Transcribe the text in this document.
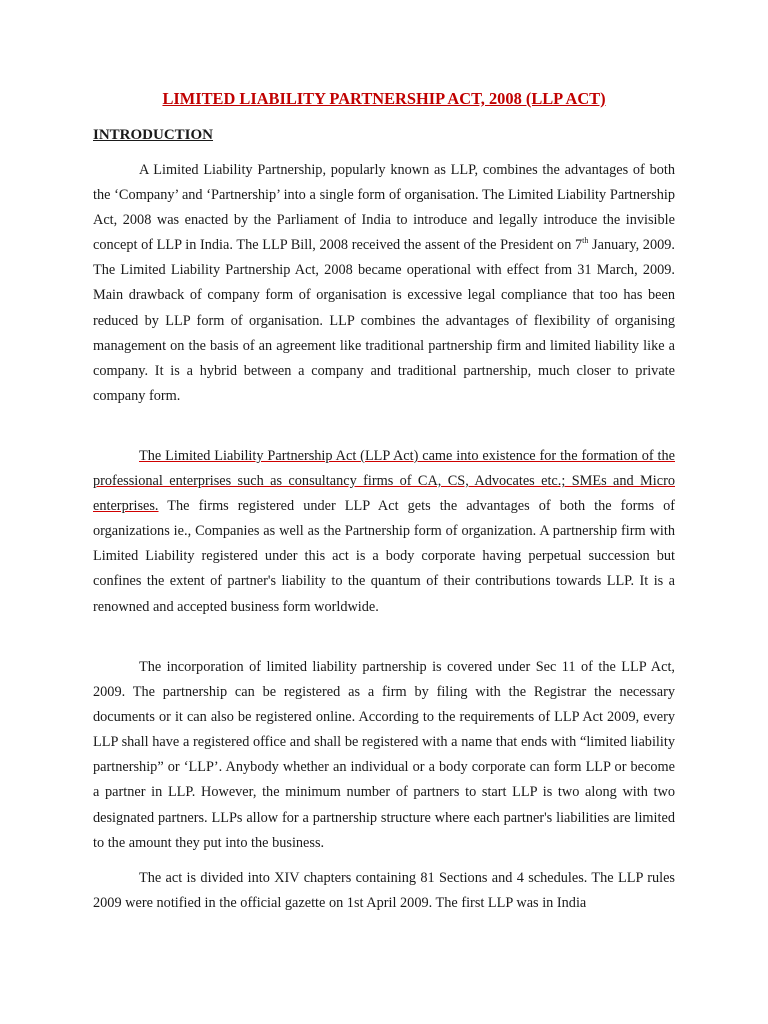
LIMITED LIABILITY PARTNERSHIP ACT, 2008 (LLP ACT)
INTRODUCTION

A Limited Liability Partnership, popularly known as LLP, combines the advantages of both the ‘Company’ and ‘Partnership’ into a single form of organisation. The Limited Liability Partnership Act, 2008 was enacted by the Parliament of India to introduce and legally introduce the invisible concept of LLP in India. The LLP Bill, 2008 received the assent of the President on 7th January, 2009. The Limited Liability Partnership Act, 2008 became operational with effect from 31 March, 2009. Main drawback of company form of organisation is excessive legal compliance that too has been reduced by LLP form of organisation. LLP combines the advantages of flexibility of organising management on the basis of an agreement like traditional partnership firm and limited liability like a company. It is a hybrid between a company and traditional partnership, much closer to private company form.

The Limited Liability Partnership Act (LLP Act) came into existence for the formation of the professional enterprises such as consultancy firms of CA, CS, Advocates etc.; SMEs and Micro enterprises. The firms registered under LLP Act gets the advantages of both the forms of organizations ie., Companies as well as the Partnership form of organization. A partnership firm with Limited Liability registered under this act is a body corporate having perpetual succession but confines the extent of partner's liability to the quantum of their contributions towards LLP. It is a renowned and accepted business form worldwide.

The incorporation of limited liability partnership is covered under Sec 11 of the LLP Act, 2009. The partnership can be registered as a firm by filing with the Registrar the necessary documents or it can also be registered online. According to the requirements of LLP Act 2009, every LLP shall have a registered office and shall be registered with a name that ends with “limited liability partnership” or ‘LLP’. Anybody whether an individual or a body corporate can form LLP or become a partner in LLP. However, the minimum number of partners to start LLP is two along with two designated partners. LLPs allow for a partnership structure where each partner's liabilities are limited to the amount they put into the business.

The act is divided into XIV chapters containing 81 Sections and 4 schedules. The LLP rules 2009 were notified in the official gazette on 1st April 2009. The first LLP was in India
